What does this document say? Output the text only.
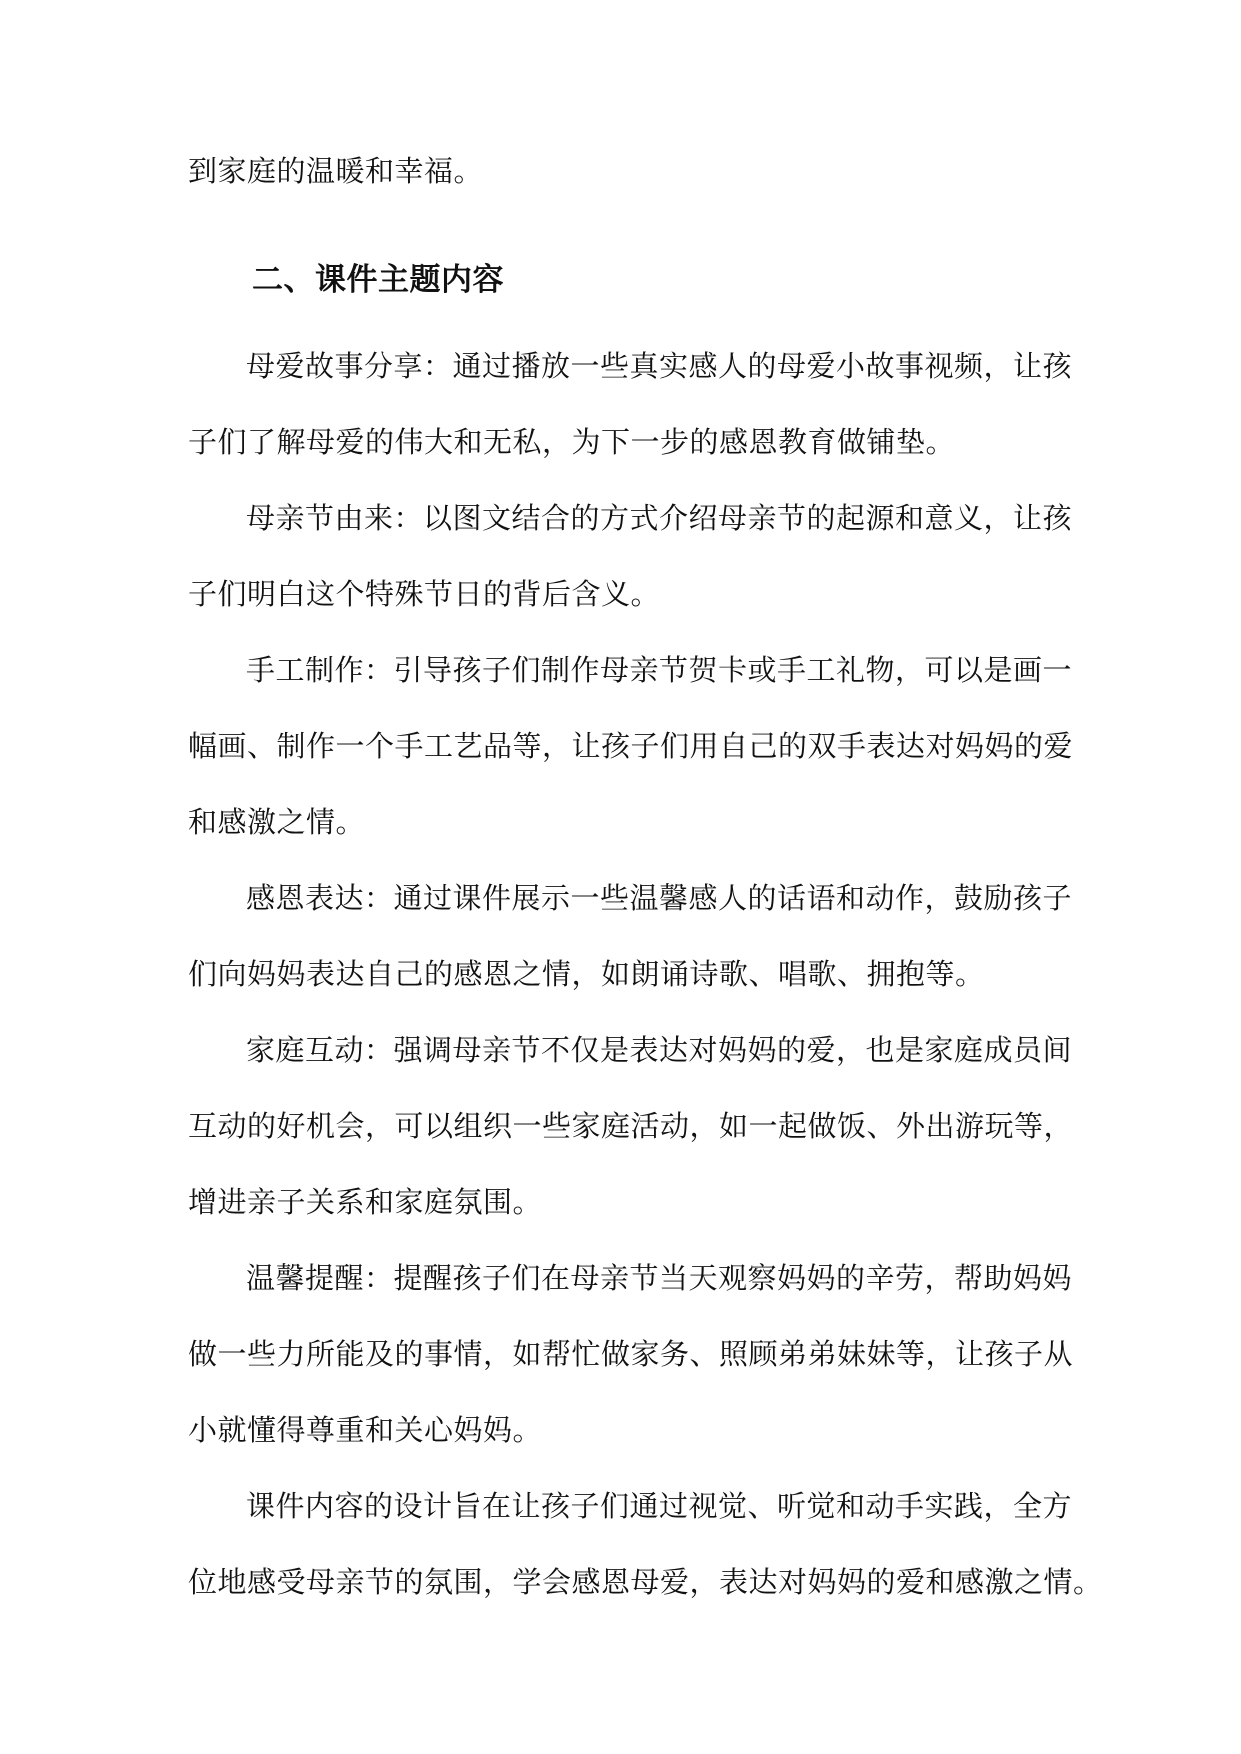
到家庭的温暖和幸福。
二、课件主题内容
母爱故事分享：通过播放一些真实感人的母爱小故事视频，让孩
子们了解母爱的伟大和无私，为下一步的感恩教育做铺垫。
母亲节由来：以图文结合的方式介绍母亲节的起源和意义，让孩
子们明白这个特殊节日的背后含义。
手工制作：引导孩子们制作母亲节贺卡或手工礼物，可以是画一
幅画、制作一个手工艺品等，让孩子们用自己的双手表达对妈妈的爱
和感激之情。
感恩表达：通过课件展示一些温馨感人的话语和动作，鼓励孩子
们向妈妈表达自己的感恩之情，如朗诵诗歌、唱歌、拥抱等。
家庭互动：强调母亲节不仅是表达对妈妈的爱，也是家庭成员间
互动的好机会，可以组织一些家庭活动，如一起做饭、外出游玩等，
增进亲子关系和家庭氛围。
温馨提醒：提醒孩子们在母亲节当天观察妈妈的辛劳，帮助妈妈
做一些力所能及的事情，如帮忙做家务、照顾弟弟妹妹等，让孩子从
小就懂得尊重和关心妈妈。
课件内容的设计旨在让孩子们通过视觉、听觉和动手实践，全方
位地感受母亲节的氛围，学会感恩母爱，表达对妈妈的爱和感激之情。
